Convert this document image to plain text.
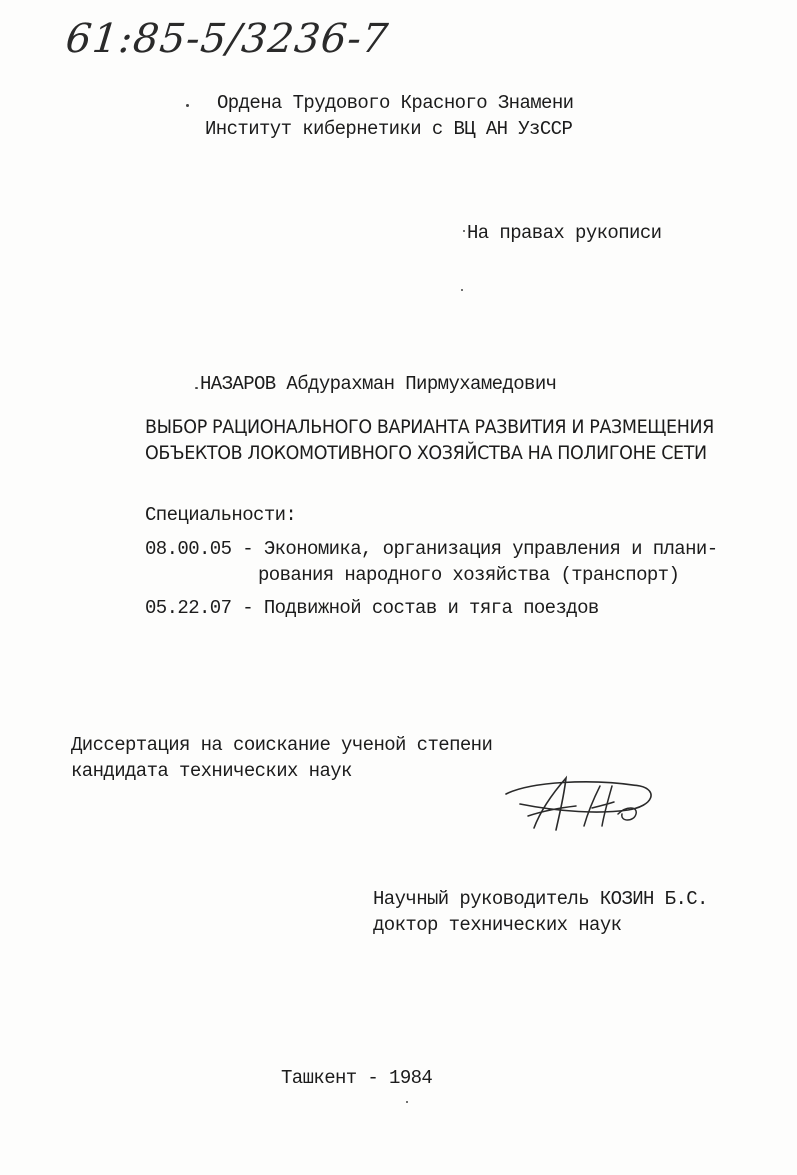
61:85-5/3236-7
Ордена Трудового Красного Знамени
Институт кибернетики с ВЦ АН УзССР
На правах рукописи
НАЗАРОВ Абдурахман Пирмухамедович
ВЫБОР РАЦИОНАЛЬНОГО ВАРИАНТА РАЗВИТИЯ И РАЗМЕЩЕНИЯ
ОБЪЕКТОВ ЛОКОМОТИВНОГО ХОЗЯЙСТВА НА ПОЛИГОНЕ СЕТИ
Специальности:
08.00.05 - Экономика, организация управления и плани-
рования народного хозяйства (транспорт)
05.22.07 - Подвижной состав и тяга поездов
Диссертация на соискание ученой степени
кандидата технических наук
Научный руководитель КОЗИН Б.С.
доктор технических наук
Ташкент - 1984
